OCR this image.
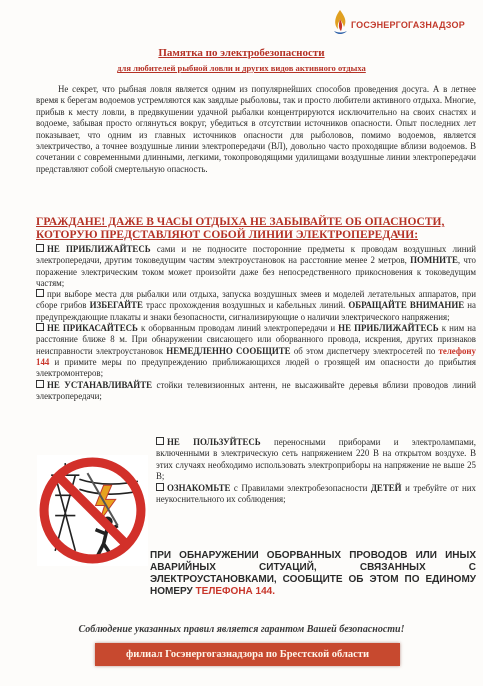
ГОСЭНЕРГОГАЗНАДЗОР
Памятка по электробезопасности
для любителей рыбной ловли и других видов активного отдыха
Не секрет, что рыбная ловля является одним из популярнейших способов проведения досуга. А в летнее время к берегам водоемов устремляются как заядлые рыболовы, так и просто любители активного отдыха. Многие, прибыв к месту ловли, в предвкушении удачной рыбалки концентрируются исключительно на своих снастях и водоеме, забывая просто оглянуться вокруг, убедиться в отсутствии источников опасности. Опыт последних лет показывает, что одним из главных источников опасности для рыболовов, помимо водоемов, является электричество, а точнее воздушные линии электропередачи (ВЛ), довольно часто проходящие вблизи водоемов. В сочетании с современными длинными, легкими, токопроводящими удилищами воздушные линии электропередачи представляют собой смертельную опасность.
ГРАЖДАНЕ! ДАЖЕ В ЧАСЫ ОТДЫХА НЕ ЗАБЫВАЙТЕ ОБ ОПАСНОСТИ, КОТОРУЮ ПРЕДСТАВЛЯЮТ СОБОЙ ЛИНИИ ЭЛЕКТРОПЕРЕДАЧИ:

НЕ ПРИБЛИЖАЙТЕСЬ сами и не подносите посторонние предметы к проводам воздушных линий электропередачи, другим токоведущим частям электроустановок на расстояние менее 2 метров, ПОМНИТЕ, что поражение электрическим током может произойти даже без непосредственного прикосновения к токоведущим частям;

при выборе места для рыбалки или отдыха, запуска воздушных змеев и моделей летательных аппаратов, при сборе грибов ИЗБЕГАЙТЕ трасс прохождения воздушных и кабельных линий. ОБРАЩАЙТЕ ВНИМАНИЕ на предупреждающие плакаты и знаки безопасности, сигнализирующие о наличии электрического напряжения;

НЕ ПРИКАСАЙТЕСЬ к оборванным проводам линий электропередачи и НЕ ПРИБЛИЖАЙТЕСЬ к ним на расстояние ближе 8 м. При обнаружении свисающего или оборванного провода, искрения, других признаков неисправности электроустановок НЕМЕДЛЕННО СООБЩИТЕ об этом диспетчеру электросетей по телефону 144 и примите меры по предупреждению приближающихся людей о грозящей им опасности до прибытия электромонтеров;

НЕ УСТАНАВЛИВАЙТЕ стойки телевизионных антенн, не высаживайте деревья вблизи проводов линий электропередачи;

НЕ ПОЛЬЗУЙТЕСЬ переносными приборами и электролампами, включенными в электрическую сеть напряжением 220 В на открытом воздухе. В этих случаях необходимо использовать электроприборы на напряжение не выше 25 В;

ОЗНАКОМЬТЕ с Правилами электробезопасности ДЕТЕЙ и требуйте от них неукоснительного их соблюдения;

ПРИ ОБНАРУЖЕНИИ ОБОРВАННЫХ ПРОВОДОВ ИЛИ ИНЫХ АВАРИЙНЫХ СИТУАЦИЙ, СВЯЗАННЫХ С ЭЛЕКТРОУСТАНОВКАМИ, СООБЩИТЕ ОБ ЭТОМ ПО ЕДИНОМУ НОМЕРУ ТЕЛЕФОНА 144.
Соблюдение указанных правил является гарантом Вашей безопасности!
филиал Госэнергогазнадзора по Брестской области
